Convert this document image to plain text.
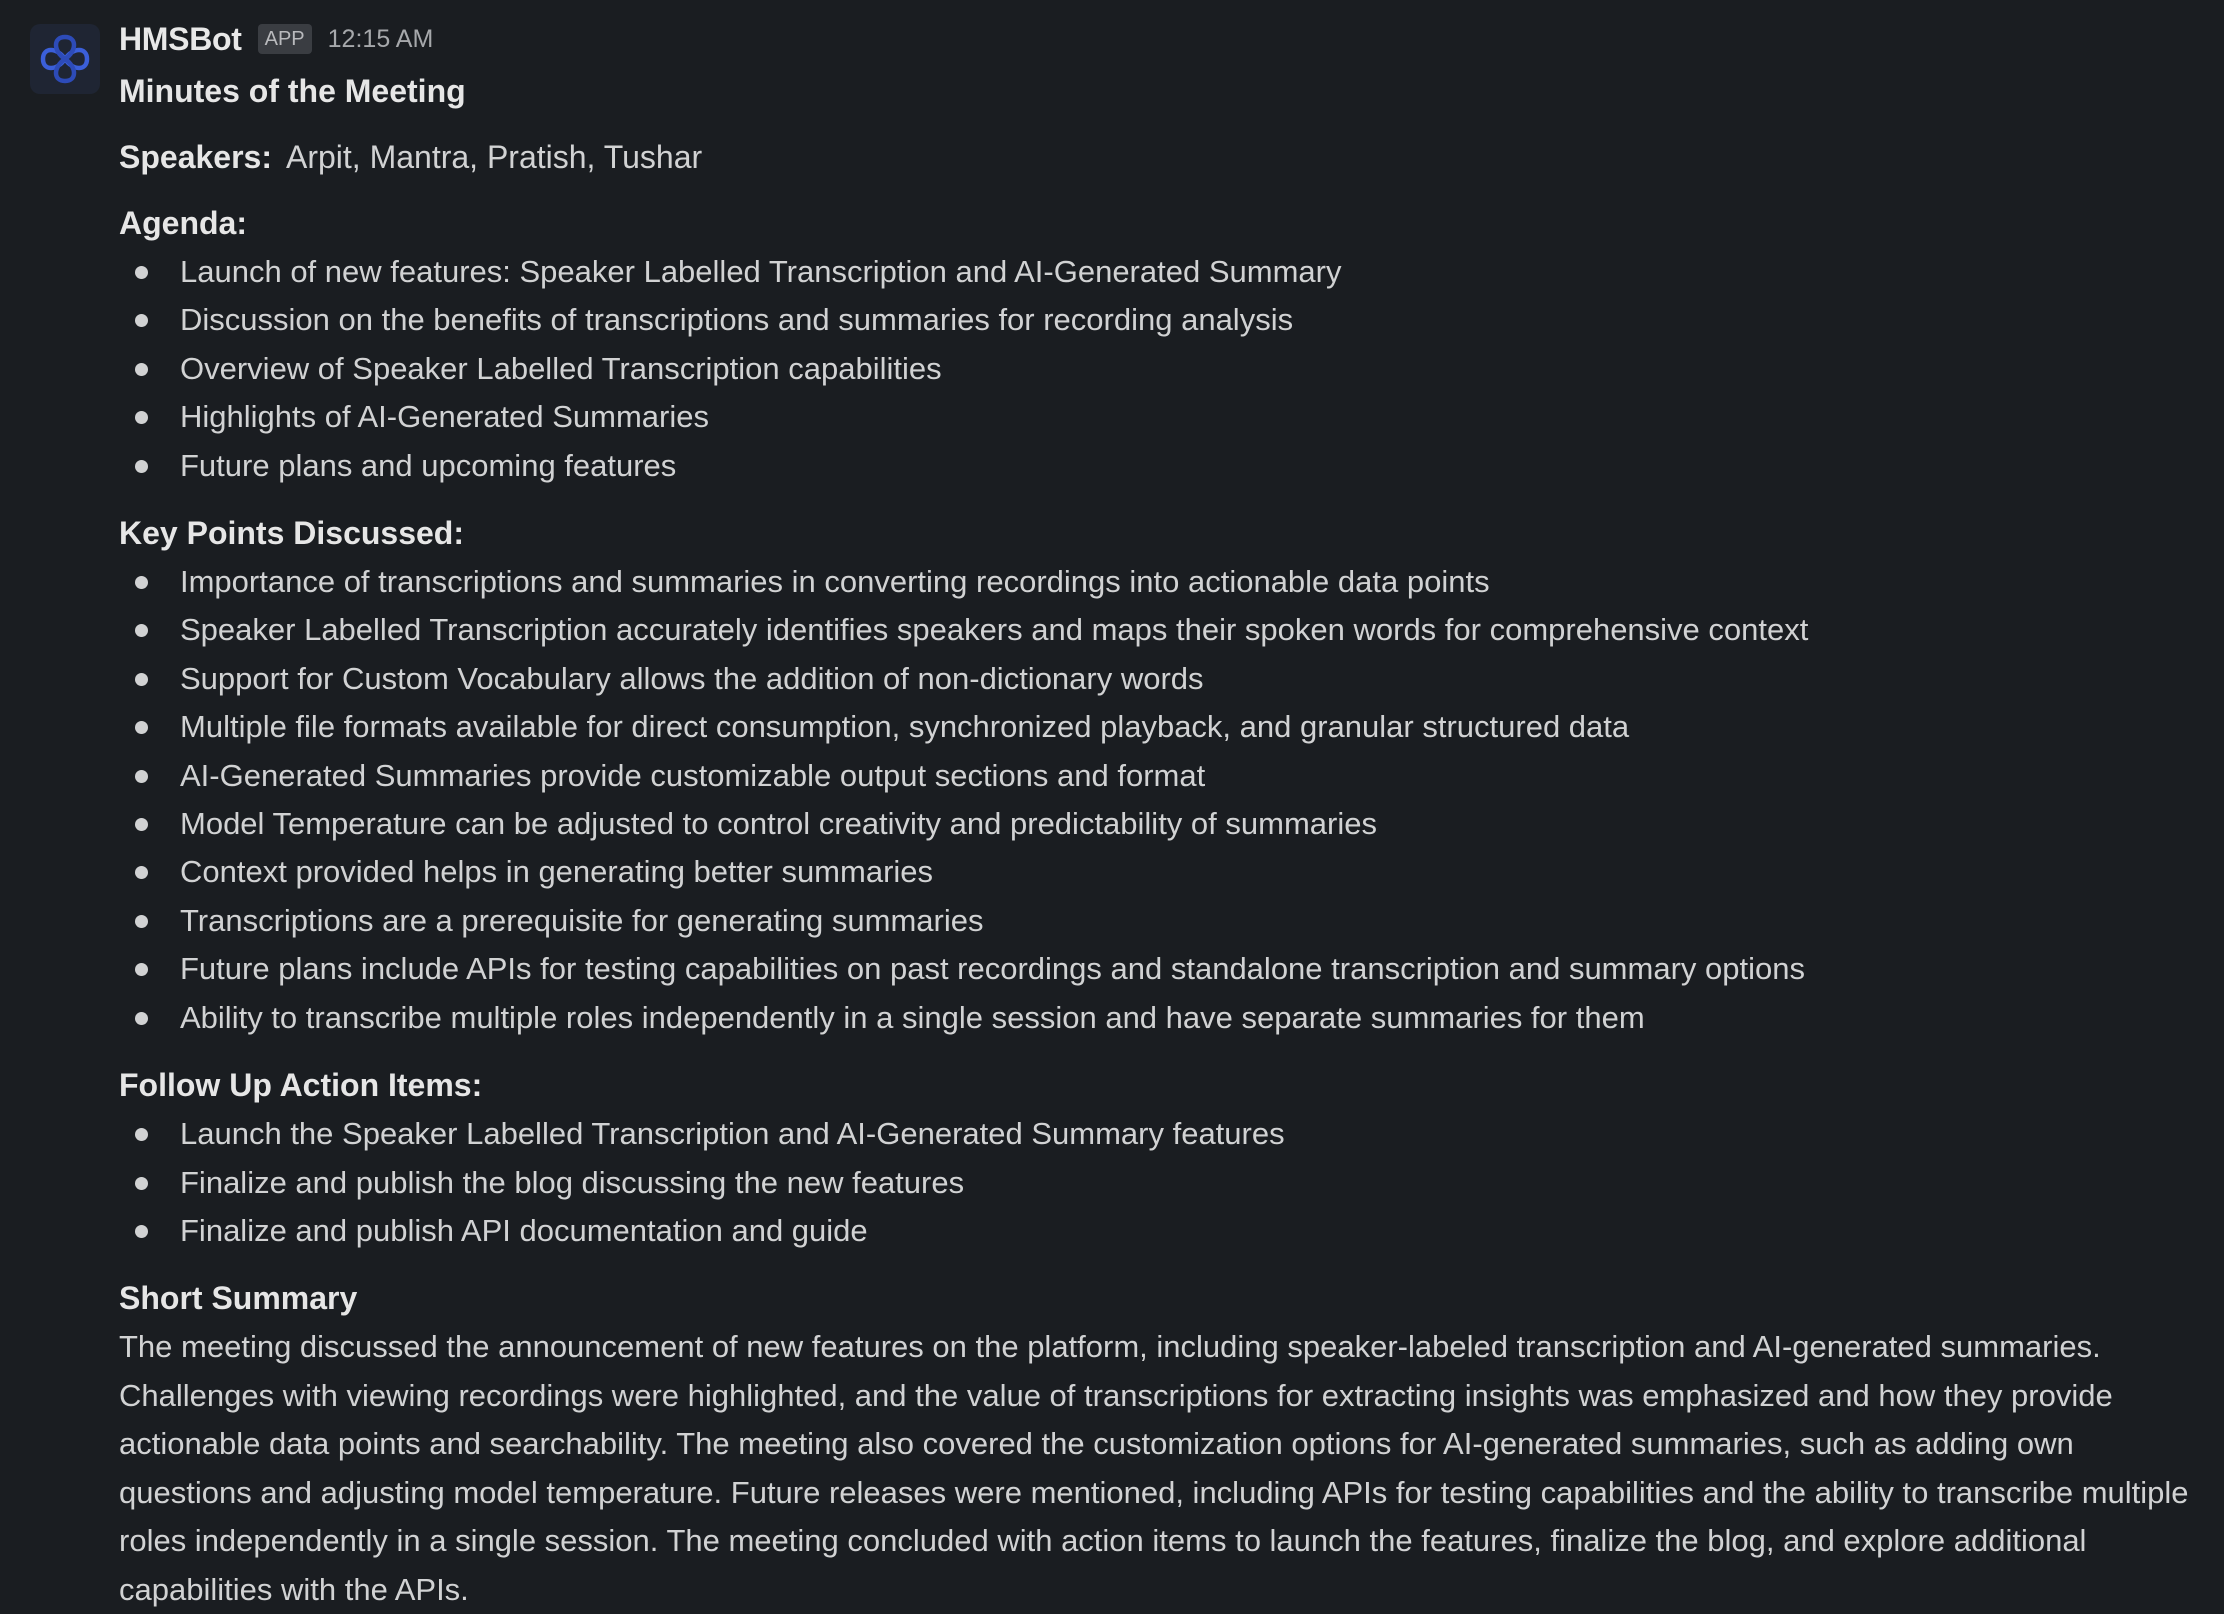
HMSBot	APP 12:15 AM
Minutes of the Meeting
Speakers: Arpit, Mantra, Pratish, Tushar
Agenda:
Launch of new features: Speaker Labelled Transcription and AI-Generated Summary
Discussion on the benefits of transcriptions and summaries for recording analysis
Overview of Speaker Labelled Transcription capabilities
Highlights of AI-Generated Summaries
Future plans and upcoming features
Key Points Discussed:
Importance of transcriptions and summaries in converting recordings into actionable data points
Speaker Labelled Transcription accurately identifies speakers and maps their spoken words for comprehensive context
Support for Custom Vocabulary allows the addition of non-dictionary words
Multiple file formats available for direct consumption, synchronized playback, and granular structured data
AI-Generated Summaries provide customizable output sections and format
Model Temperature can be adjusted to control creativity and predictability of summaries
Context provided helps in generating better summaries
Transcriptions are a prerequisite for generating summaries
Future plans include APIs for testing capabilities on past recordings and standalone transcription and summary options
Ability to transcribe multiple roles independently in a single session and have separate summaries for them
Follow Up Action Items:
Launch the Speaker Labelled Transcription and AI-Generated Summary features
Finalize and publish the blog discussing the new features
Finalize and publish API documentation and guide
Short Summary
The meeting discussed the announcement of new features on the platform, including speaker-labeled transcription and AI-generated summaries. Challenges with viewing recordings were highlighted, and the value of transcriptions for extracting insights was emphasized and how they provide actionable data points and searchability. The meeting also covered the customization options for AI-generated summaries, such as adding own questions and adjusting model temperature. Future releases were mentioned, including APIs for testing capabilities and the ability to transcribe multiple roles independently in a single session. The meeting concluded with action items to launch the features, finalize the blog, and explore additional capabilities with the APIs.
